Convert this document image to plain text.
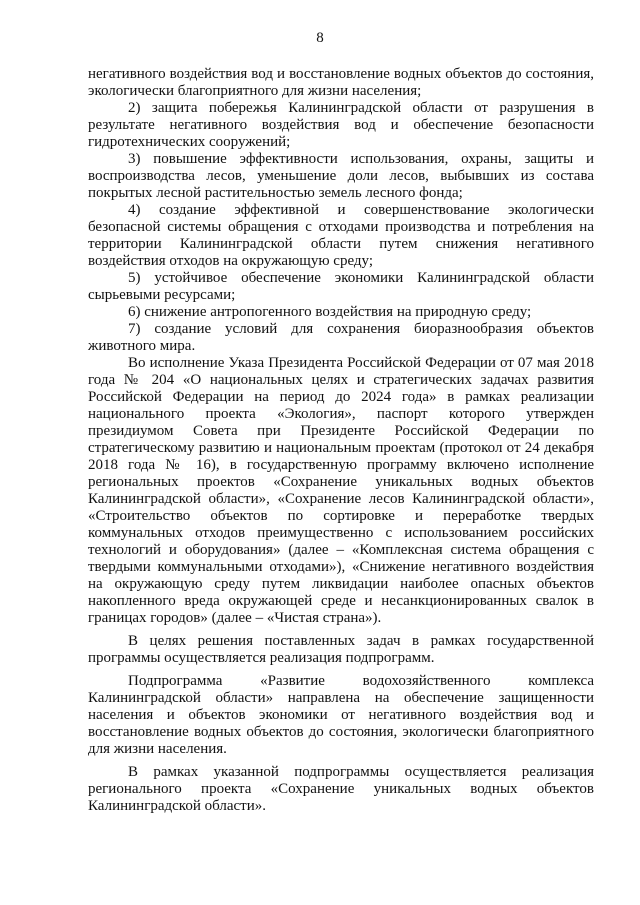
8

негативного воздействия вод и восстановление водных объектов до состояния, экологически благоприятного для жизни населения;

2) защита побережья Калининградской области от разрушения в результате негативного воздействия вод и обеспечение безопасности гидротехнических сооружений;

3) повышение эффективности использования, охраны, защиты и воспроизводства лесов, уменьшение доли лесов, выбывших из состава покрытых лесной растительностью земель лесного фонда;

4) создание эффективной и совершенствование экологически безопасной системы обращения с отходами производства и потребления на территории Калининградской области путем снижения негативного воздействия отходов на окружающую среду;

5) устойчивое обеспечение экономики Калининградской области сырьевыми ресурсами;

6) снижение антропогенного воздействия на природную среду;

7) создание условий для сохранения биоразнообразия объектов животного мира.

Во исполнение Указа Президента Российской Федерации от 07 мая 2018 года № 204 «О национальных целях и стратегических задачах развития Российской Федерации на период до 2024 года» в рамках реализации национального проекта «Экология», паспорт которого утвержден президиумом Совета при Президенте Российской Федерации по стратегическому развитию и национальным проектам (протокол от 24 декабря 2018 года № 16), в государственную программу включено исполнение региональных проектов «Сохранение уникальных водных объектов Калининградской области», «Сохранение лесов Калининградской области», «Строительство объектов по сортировке и переработке твердых коммунальных отходов преимущественно с использованием российских технологий и оборудования» (далее – «Комплексная система обращения с твердыми коммунальными отходами»), «Снижение негативного воздействия на окружающую среду путем ликвидации наиболее опасных объектов накопленного вреда окружающей среде и несанкционированных свалок в границах городов» (далее – «Чистая страна»).

В целях решения поставленных задач в рамках государственной программы осуществляется реализация подпрограмм.

Подпрограмма «Развитие водохозяйственного комплекса Калининградской области» направлена на обеспечение защищенности населения и объектов экономики от негативного воздействия вод и восстановление водных объектов до состояния, экологически благоприятного для жизни населения.

В рамках указанной подпрограммы осуществляется реализация регионального проекта «Сохранение уникальных водных объектов Калининградской области».
